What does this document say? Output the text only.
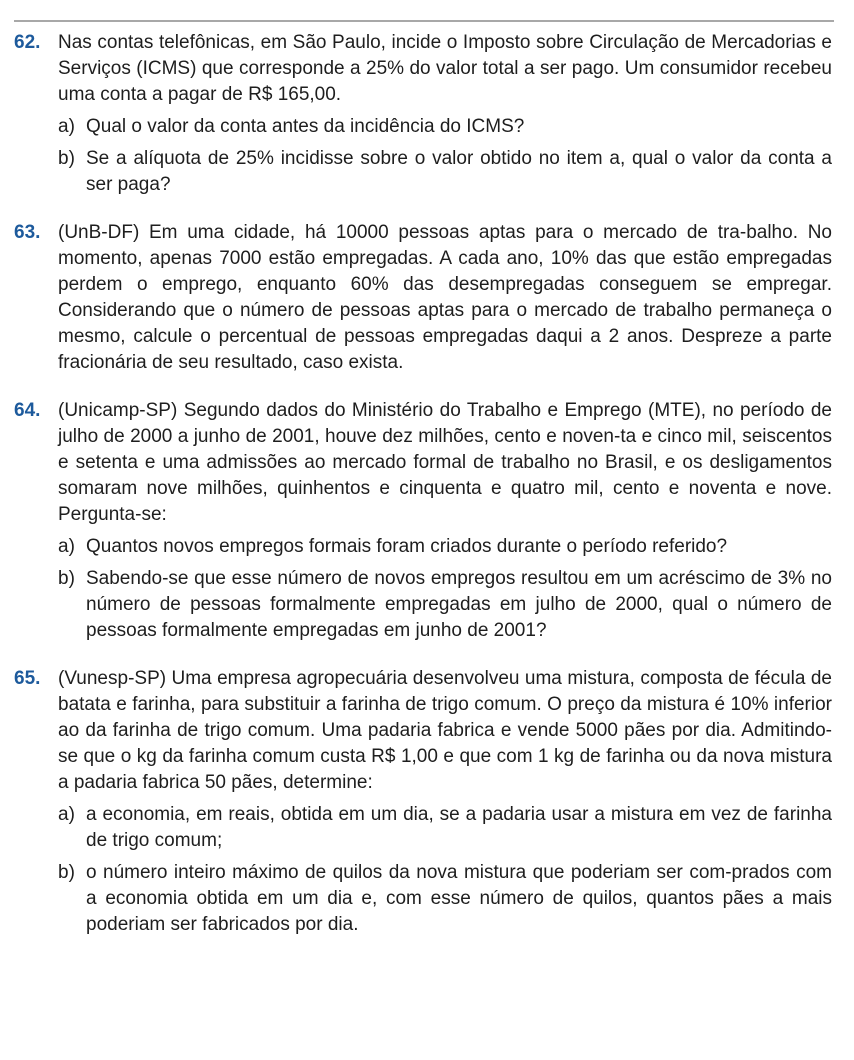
62. Nas contas telefônicas, em São Paulo, incide o Imposto sobre Circulação de Mercadorias e Serviços (ICMS) que corresponde a 25% do valor total a ser pago. Um consumidor recebeu uma conta a pagar de R$ 165,00.
a) Qual o valor da conta antes da incidência do ICMS?
b) Se a alíquota de 25% incidisse sobre o valor obtido no item a, qual o valor da conta a ser paga?
63. (UnB-DF) Em uma cidade, há 10000 pessoas aptas para o mercado de tra-balho. No momento, apenas 7000 estão empregadas. A cada ano, 10% das que estão empregadas perdem o emprego, enquanto 60% das desempregadas conseguem se empregar. Considerando que o número de pessoas aptas para o mercado de trabalho permaneça o mesmo, calcule o percentual de pessoas empregadas daqui a 2 anos. Despreze a parte fracionária de seu resultado, caso exista.
64. (Unicamp-SP) Segundo dados do Ministério do Trabalho e Emprego (MTE), no período de julho de 2000 a junho de 2001, houve dez milhões, cento e noven-ta e cinco mil, seiscentos e setenta e uma admissões ao mercado formal de trabalho no Brasil, e os desligamentos somaram nove milhões, quinhentos e cinquenta e quatro mil, cento e noventa e nove. Pergunta-se:
a) Quantos novos empregos formais foram criados durante o período referido?
b) Sabendo-se que esse número de novos empregos resultou em um acréscimo de 3% no número de pessoas formalmente empregadas em julho de 2000, qual o número de pessoas formalmente empregadas em junho de 2001?
65. (Vunesp-SP) Uma empresa agropecuária desenvolveu uma mistura, composta de fécula de batata e farinha, para substituir a farinha de trigo comum. O preço da mistura é 10% inferior ao da farinha de trigo comum. Uma padaria fabrica e vende 5000 pães por dia. Admitindo-se que o kg da farinha comum custa R$ 1,00 e que com 1 kg de farinha ou da nova mistura a padaria fabrica 50 pães, determine:
a) a economia, em reais, obtida em um dia, se a padaria usar a mistura em vez de farinha de trigo comum;
b) o número inteiro máximo de quilos da nova mistura que poderiam ser com-prados com a economia obtida em um dia e, com esse número de quilos, quantos pães a mais poderiam ser fabricados por dia.
